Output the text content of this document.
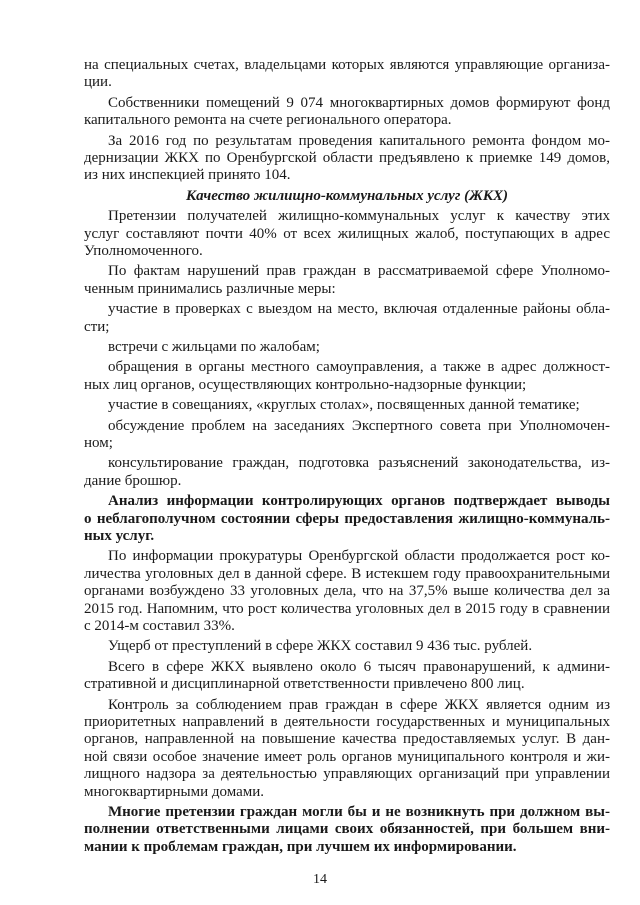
на специальных счетах, владельцами которых являются управляющие организа-
ции.
Собственники помещений 9 074 многоквартирных домов формируют фонд
капитального ремонта на счете регионального оператора.
За 2016 год по результатам проведения капитального ремонта фондом мо-
дернизации ЖКХ по Оренбургской области предъявлено к приемке 149 домов,
из них инспекцией принято 104.
Качество жилищно-коммунальных услуг (ЖКХ)
Претензии получателей жилищно-коммунальных услуг к качеству этих
услуг составляют почти 40% от всех жилищных жалоб, поступающих в адрес
Уполномоченного.
По фактам нарушений прав граждан в рассматриваемой сфере Уполномо-
ченным принимались различные меры:
участие в проверках с выездом на место, включая отдаленные районы обла-
сти;
встречи с жильцами по жалобам;
обращения в органы местного самоуправления, а также в адрес должност-
ных лиц органов, осуществляющих контрольно-надзорные функции;
участие в совещаниях, «круглых столах», посвященных данной тематике;
обсуждение проблем на заседаниях Экспертного совета при Уполномочен-
ном;
консультирование граждан, подготовка разъяснений законодательства, из-
дание брошюр.
Анализ информации контролирующих органов подтверждает выводы
о неблагополучном состоянии сферы предоставления жилищно-коммуналь-
ных услуг.
По информации прокуратуры Оренбургской области продолжается рост ко-
личества уголовных дел в данной сфере. В истекшем году правоохранительными
органами возбуждено 33 уголовных дела, что на 37,5% выше количества дел за
2015 год. Напомним, что рост количества уголовных дел в 2015 году в сравнении
с 2014-м составил 33%.
Ущерб от преступлений в сфере ЖКХ составил 9 436 тыс. рублей.
Всего в сфере ЖКХ выявлено около 6 тысяч правонарушений, к админи-
стративной и дисциплинарной ответственности привлечено 800 лиц.
Контроль за соблюдением прав граждан в сфере ЖКХ является одним из
приоритетных направлений в деятельности государственных и муниципальных
органов, направленной на повышение качества предоставляемых услуг. В дан-
ной связи особое значение имеет роль органов муниципального контроля и жи-
лищного надзора за деятельностью управляющих организаций при управлении
многоквартирными домами.
Многие претензии граждан могли бы и не возникнуть при должном вы-
полнении ответственными лицами своих обязанностей, при большем вни-
мании к проблемам граждан, при лучшем их информировании.
14
